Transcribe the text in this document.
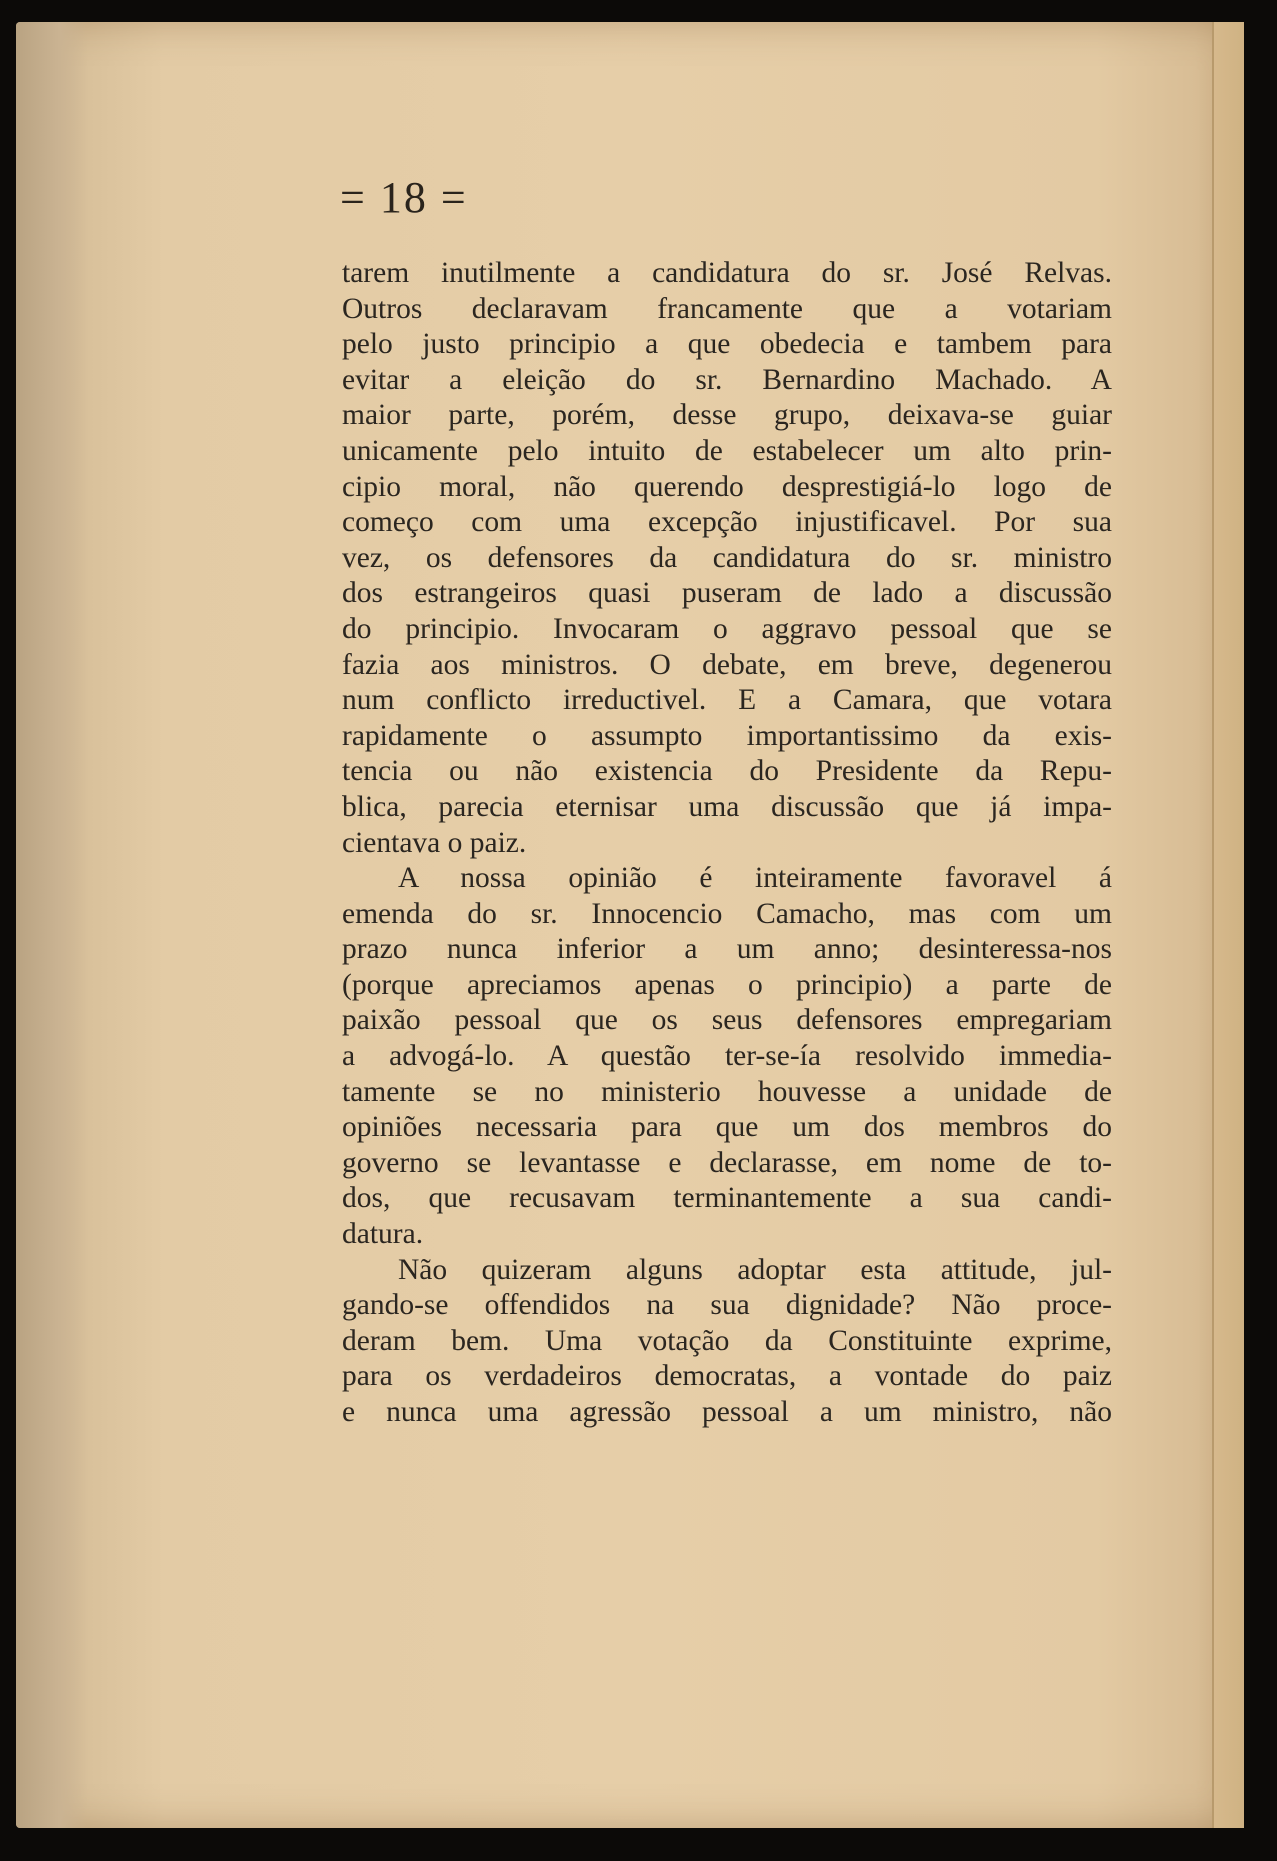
= 18 =
tarem inutilmente a candidatura do sr. José Relvas.
Outros declaravam francamente que a votariam
pelo justo principio a que obedecia e tambem para
evitar a eleição do sr. Bernardino Machado. A
maior parte, porém, desse grupo, deixava-se guiar
unicamente pelo intuito de estabelecer um alto prin-
cipio moral, não querendo desprestigiá-lo logo de
começo com uma excepção injustificavel. Por sua
vez, os defensores da candidatura do sr. ministro
dos estrangeiros quasi puseram de lado a discussão
do principio. Invocaram o aggravo pessoal que se
fazia aos ministros. O debate, em breve, degenerou
num conflicto irreductivel. E a Camara, que votara
rapidamente o assumpto importantissimo da exis-
tencia ou não existencia do Presidente da Repu-
blica, parecia eternisar uma discussão que já impa-
cientava o paiz.
A nossa opinião é inteiramente favoravel á
emenda do sr. Innocencio Camacho, mas com um
prazo nunca inferior a um anno; desinteressa-nos
(porque apreciamos apenas o principio) a parte de
paixão pessoal que os seus defensores empregariam
a advogá-lo. A questão ter-se-ía resolvido immedia-
tamente se no ministerio houvesse a unidade de
opiniões necessaria para que um dos membros do
governo se levantasse e declarasse, em nome de to-
dos, que recusavam terminantemente a sua candi-
datura.
Não quizeram alguns adoptar esta attitude, jul-
gando-se offendidos na sua dignidade? Não proce-
deram bem. Uma votação da Constituinte exprime,
para os verdadeiros democratas, a vontade do paiz
e nunca uma agressão pessoal a um ministro, não
